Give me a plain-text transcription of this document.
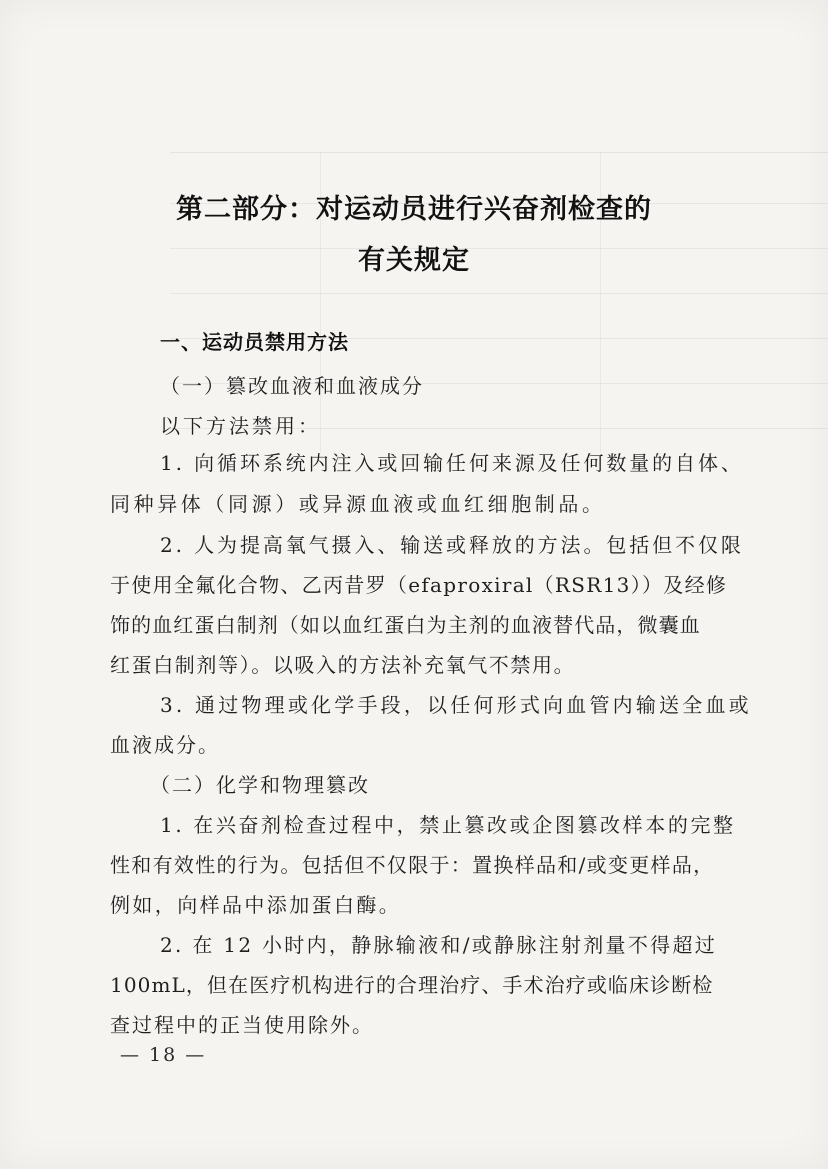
第二部分：对运动员进行兴奋剂检查的
有关规定
一、运动员禁用方法
（一）篡改血液和血液成分
以下方法禁用：
1. 向循环系统内注入或回输任何来源及任何数量的自体、
同种异体（同源）或异源血液或血红细胞制品。
2. 人为提高氧气摄入、输送或释放的方法。包括但不仅限
于使用全氟化合物、乙丙昔罗（efaproxiral（RSR13））及经修
饰的血红蛋白制剂（如以血红蛋白为主剂的血液替代品，微囊血
红蛋白制剂等）。以吸入的方法补充氧气不禁用。
3. 通过物理或化学手段，以任何形式向血管内输送全血或
血液成分。
（二）化学和物理篡改
1. 在兴奋剂检查过程中，禁止篡改或企图篡改样本的完整
性和有效性的行为。包括但不仅限于：置换样品和/或变更样品，
例如，向样品中添加蛋白酶。
2. 在 12 小时内，静脉输液和/或静脉注射剂量不得超过
100mL，但在医疗机构进行的合理治疗、手术治疗或临床诊断检
查过程中的正当使用除外。
— 18 —
